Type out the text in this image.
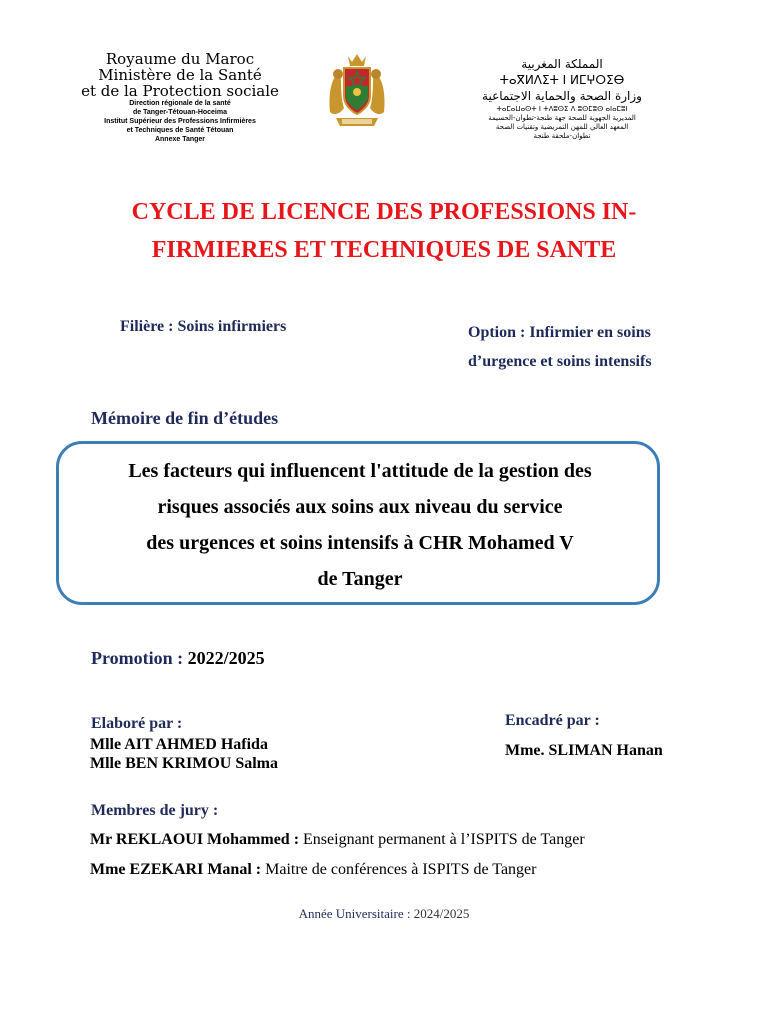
Royaume du Maroc
Ministère de la Santé
et de la Protection sociale
Direction régionale de la santé
de Tanger-Tétouan-Hoceima
Institut Supérieur des Professions Infirmières
et Techniques de Santé Tétouan
Annexe Tanger
المملكة المغربية
ⵜⴰⴳⵍⴷⵉⵜ ⵏ ⵍⵎⵖⵔⵉⴱ
وزارة الصحة والحماية الاجتماعية
ⵜⴰⵎⴰⵡⴰⵙⵜ ⵏ ⵜⴷⵓⵙⵉ ⴷ ⵓⵙⵎⵓⵙ ⴰⵏⴰⵎⵓⵏ
المديرية الجهوية للصحة جهة طنجة-تطوان-الحسيمة
المعهد العالي للمهن التمريضية وتقنيات الصحة
تطوان-ملحقة طنجة
CYCLE DE LICENCE DES PROFESSIONS IN-
FIRMIERES ET TECHNIQUES DE SANTE
Filière : Soins infirmiers	Option : Infirmier en soins
d’urgence et soins intensifs
Mémoire de fin d’études
Les facteurs qui influencent l'attitude de la gestion des
risques associés aux soins aux niveau du service
des urgences et soins intensifs à CHR Mohamed V
de Tanger
Promotion : 2022/2025
Elaboré par :
Mlle AIT AHMED Hafida
Mlle BEN KRIMOU Salma
Encadré par :
Mme. SLIMAN Hanan
Membres de jury :
Mr REKLAOUI Mohammed : Enseignant permanent à l’ISPITS de Tanger
Mme EZEKARI Manal : Maitre de conférences à ISPITS de Tanger
Année Universitaire : 2024/2025
